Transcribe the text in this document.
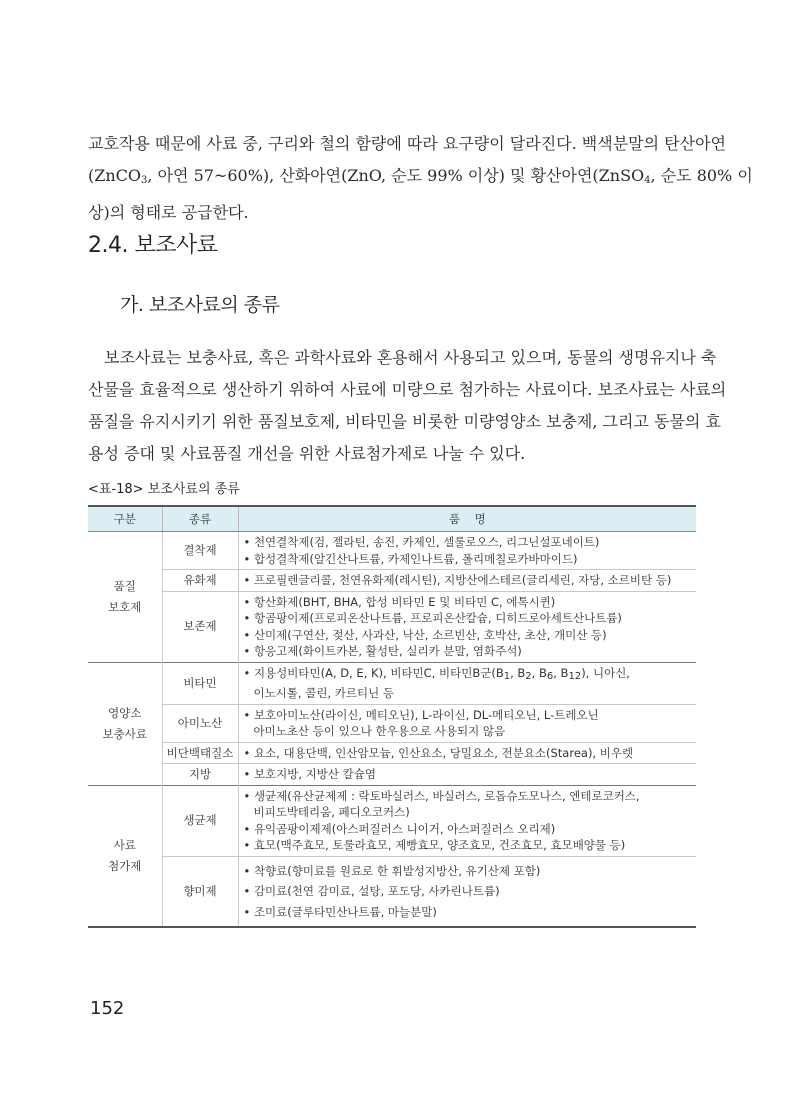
교호작용 때문에 사료 중, 구리와 철의 함량에 따라 요구량이 달라진다. 백색분말의 탄산아연
(ZnCO$_3$, 아연 57~60%), 산화아연(ZnO, 순도 99% 이상) 및 황산아연(ZnSO$_4$, 순도 80% 이
상)의 형태로 공급한다.
2.4. 보조사료
가. 보조사료의 종류
보조사료는 보충사료, 혹은 과학사료와 혼용해서 사용되고 있으며, 동물의 생명유지나 축
산물을 효율적으로 생산하기 위하여 사료에 미량으로 첨가하는 사료이다. 보조사료는 사료의
품질을 유지시키기 위한 품질보호제, 비타민을 비롯한 미량영양소 보충제, 그리고 동물의 효
용성 증대 및 사료품질 개선을 위한 사료첨가제로 나눌 수 있다.
<표-18> 보조사료의 종류
구분	종류	품    명

품질
보호제	결착제	• 천연결착제(검, 젤라틴, 송진, 카제인, 셀룰로오스, 리그닌설포네이트)
• 합성결착제(알긴산나트륨, 카제인나트륨, 폴리메칠로카바마이드)

	유화제	• 프로필렌글리콜, 천연유화제(레시틴), 지방산에스테르(글리세린, 자당, 소르비탄 등)

	보존제	• 항산화제(BHT, BHA, 합성 비타민 E 및 비타민 C, 에톡시퀸)
• 항곰팡이제(프로피온산나트륨, 프로피온산칼슘, 디히드로아세트산나트륨)
• 산미제(구연산, 젖산, 사과산, 낙산, 소르빈산, 호박산, 초산, 개미산 등)
• 항응고제(화이트카본, 활성탄, 실리카 분말, 염화주석)

영양소
보충사료	비타민	• 지용성비타민(A, D, E, K), 비타민C, 비타민B군($B_1$, $B_2$, $B_6$, $B_{12}$), 니아신,
이노시톨, 콜린, 카르티닌 등

	아미노산	• 보호아미노산(라이신, 메티오닌), L-라이신, DL-메티오닌, L-트레오닌
아미노초산 등이 있으나 한우용으로 사용되지 않음

	비단백태질소	• 요소, 대용단백, 인산암모늄, 인산요소, 당밀요소, 전분요소(Starea), 비우렛

	지방	• 보호지방, 지방산 칼슘염

사료
첨가제	생균제	• 생균제(유산균제제 : 락토바실러스, 바실러스, 로돕슈도모나스, 엔테로코커스,
비피도박테리움, 페디오코커스)
• 유익곰팡이제제(아스퍼질러스 니이거, 아스퍼질러스 오리제)
• 효모(맥주효모, 토룰라효모, 제빵효모, 양조효모, 건조효모, 효모배양물 등)

	향미제	• 착향료(향미료를 원료로 한 휘발성지방산, 유기산제 포함)
• 감미료(천연 감미료, 설탕, 포도당, 사카린나트륨)
• 조미료(글루타민산나트륨, 마늘분말)
152
